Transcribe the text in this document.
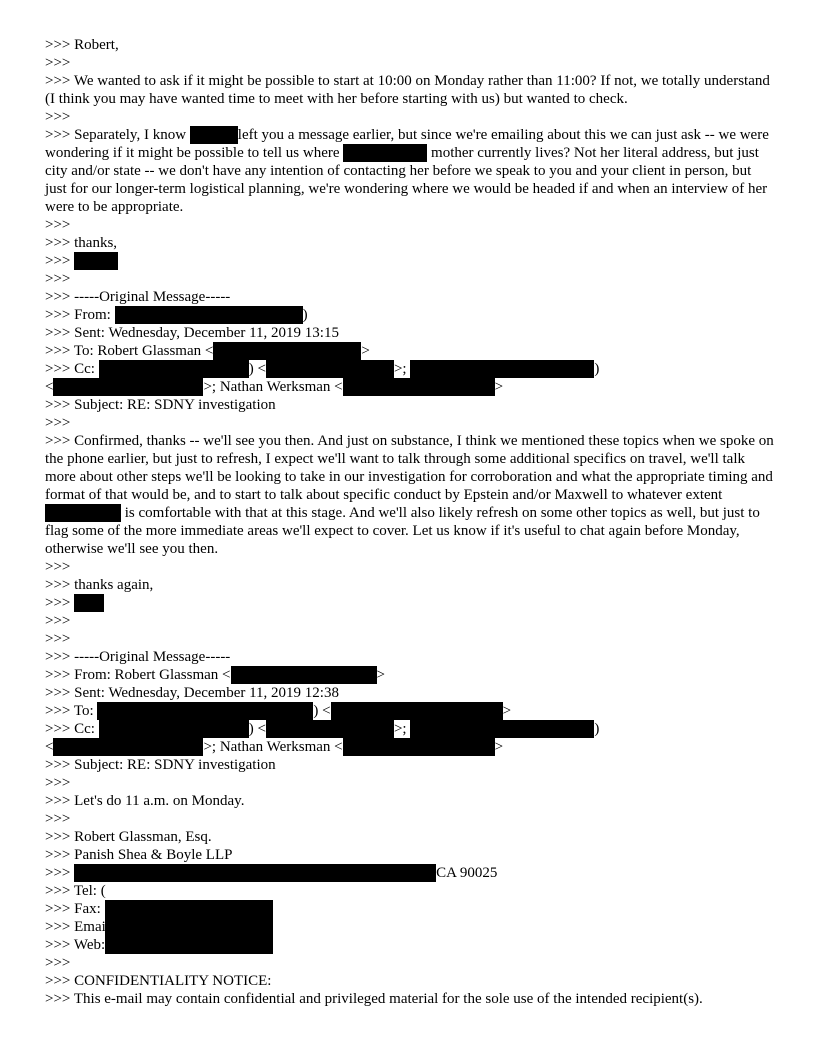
>>> Robert,
>>>
>>> We wanted to ask if it might be possible to start at 10:00 on Monday rather than 11:00? If not, we totally understand (I think you may have wanted time to meet with her before starting with us) but wanted to check.
>>>
>>> Separately, I know	left you a message earlier, but since we're emailing about this we can just ask -- we were wondering if it might be possible to tell us where	mother currently lives? Not her literal address, but just city and/or state -- we don't have any intention of contacting her before we speak to you and your client in person, but just for our longer-term logistical planning, we're wondering where we would be headed if and when an interview of her were to be appropriate.
>>>
>>> thanks,
>>>
>>>
>>> -----Original Message-----
>>> From:	)
>>> Sent: Wednesday, December 11, 2019 13:15
>>> To: Robert Glassman <	>
>>> Cc:	) <	>;	)
<	>; Nathan Werksman <	>
>>> Subject: RE: SDNY investigation
>>>
>>> Confirmed, thanks -- we'll see you then. And just on substance, I think we mentioned these topics when we spoke on the phone earlier, but just to refresh, I expect we'll want to talk through some additional specifics on travel, we'll talk more about other steps we'll be looking to take in our investigation for corroboration and what the appropriate timing and format of that would be, and to start to talk about specific conduct by Epstein and/or Maxwell to whatever extent  is comfortable with that at this stage. And we'll also likely refresh on some other topics as well, but just to flag some of the more immediate areas we'll expect to cover. Let us know if it's useful to chat again before Monday, otherwise we'll see you then.
>>>
>>> thanks again,
>>>
>>>
>>>
>>> -----Original Message-----
>>> From: Robert Glassman <	>
>>> Sent: Wednesday, December 11, 2019 12:38
>>> To:	) <	>
>>> Cc:	) <	>;	)
<	>; Nathan Werksman <	>
>>> Subject: RE: SDNY investigation
>>>
>>> Let's do 11 a.m. on Monday.
>>>
>>> Robert Glassman, Esq.
>>> Panish Shea & Boyle LLP
>>>	CA 90025
>>> Tel: (
>>> Fax:
>>> Emai
>>> Web: www.psblaw.com
>>>
>>> CONFIDENTIALITY NOTICE:
>>> This e-mail may contain confidential and privileged material for the sole use of the intended recipient(s).
